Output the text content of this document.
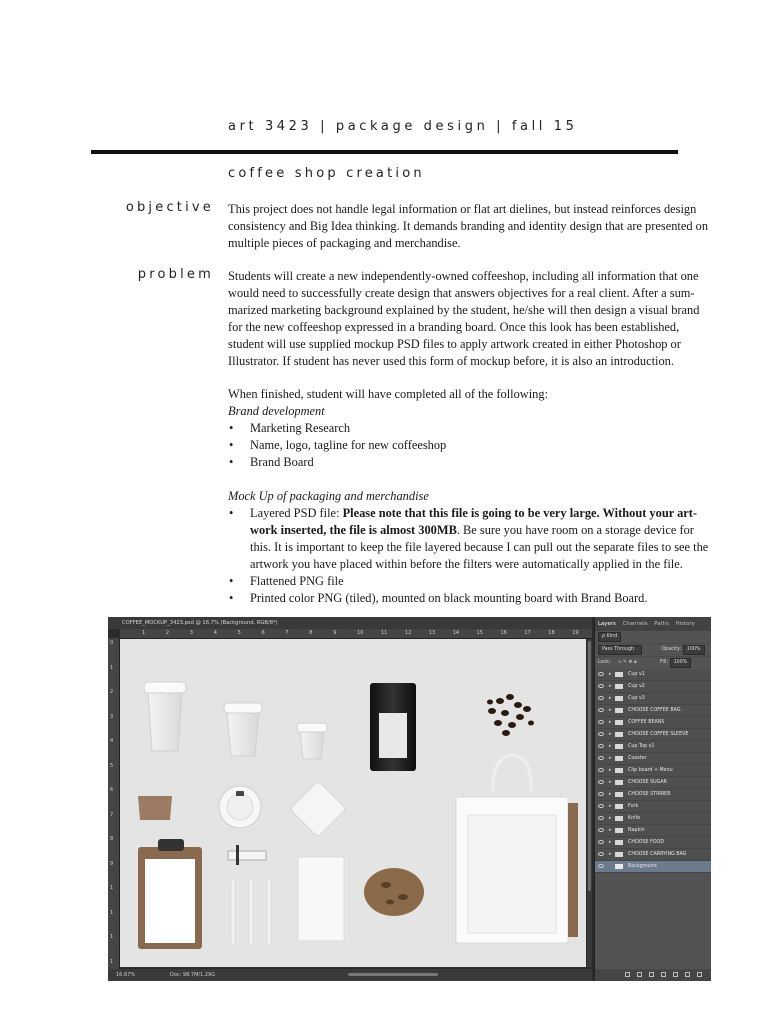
art 3423 | package design | fall 15
coffee shop creation
objective This project does not handle legal information or flat art dielines, but instead reinforces design consistency and Big Idea thinking. It demands branding and identity design that are presented on multiple pieces of packaging and merchandise.

problem Students will create a new independently-owned coffeeshop, including all information that one would need to successfully create design that answers objectives for a real client. After a sum-marized marketing background explained by the student, he/she will then design a visual brand for the new coffeeshop expressed in a branding board. Once this look has been established, student will use supplied mockup PSD files to apply artwork created in either Photoshop or Illustrator. If student has never used this form of mockup before, it is also an introduction.

When finished, student will have completed all of the following:

Brand development

• Marketing Research
• Name, logo, tagline for new coffeeshop
• Brand Board

Mock Up of packaging and merchandise

• Layered PSD file: Please note that this file is going to be very large. Without your art-work inserted, the file is almost 300MB. Be sure you have room on a storage device for this. It is important to keep the file layered because I can pull out the separate files to see the artwork you have placed within before the filters were automatically applied in the file.
• Flattened PNG file
• Printed color PNG (tiled), mounted on black mounting board with Brand Board.
COFFEE_MOCKUP_3423.psd @ 16.7% (Background, RGB/8*)
1	2	3	4	5	6	7	8	9	10	11	12	13	14	15	16	17	18	19
0
1
2
3
4
5
6
7
8
9
1
1
1
1
16.67%	Doc: 98.7M/1.29G
Layers Channels Paths History
ρ Kind
Pass Through	Opacity: 100%
Lock: ▫ ✎ ✥ 🔒︎	Fill: 100%
▸	Cup v1
▸	Cup v2
▸	Cup v3
▸	CHOOSE COFFEE BAG
▸	COFFEE BEANS
▸	CHOOSE COFFEE SLEEVE
▸	Cup Top v1
▸	Coaster
▸	Clip board + Menu
▸	CHOOSE SUGAR
▸	CHOOSE STIRRER
▸	Fork
▸	Knife
▸	Napkin
▸	CHOOSE FOOD
▸	CHOOSE CARRYING BAG
Background
